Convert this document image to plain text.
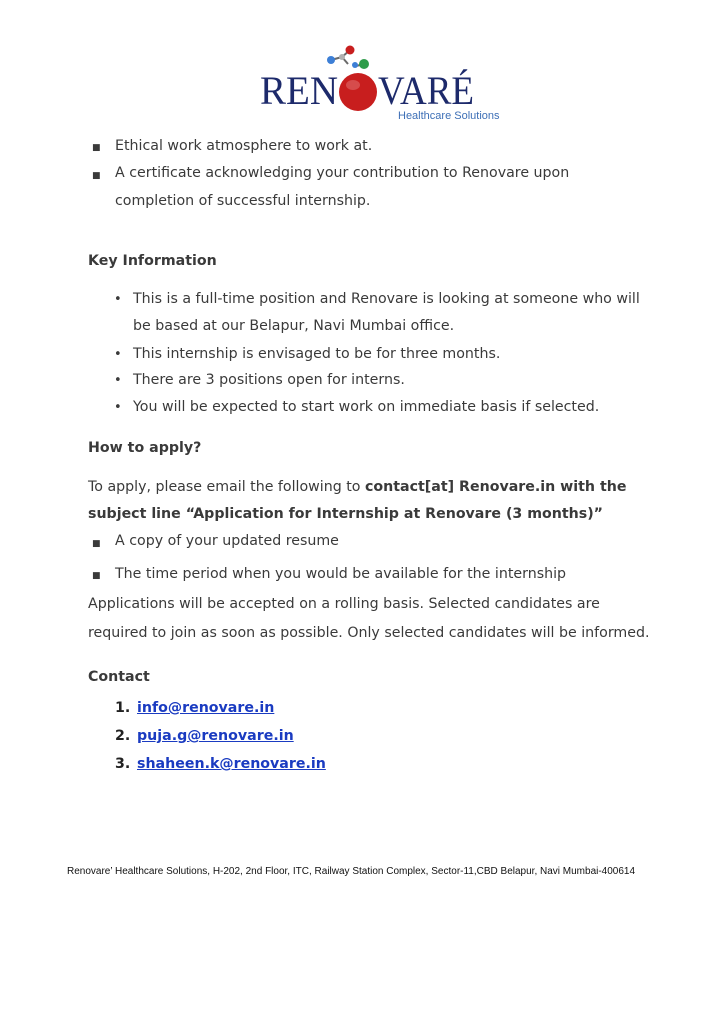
REN VARÉ
Healthcare Solutions
■ Ethical work atmosphere to work at.
■ A certificate acknowledging your contribution to Renovare upon
completion of successful internship.
Key Information
• This is a full-time position and Renovare is looking at someone who will
be based at our Belapur, Navi Mumbai office.
• This internship is envisaged to be for three months.
• There are 3 positions open for interns.
• You will be expected to start work on immediate basis if selected.
How to apply?
To apply, please email the following to contact[at] Renovare.in with the
subject line “Application for Internship at Renovare (3 months)”
■ A copy of your updated resume
■ The time period when you would be available for the internship
Applications will be accepted on a rolling basis. Selected candidates are
required to join as soon as possible. Only selected candidates will be informed.
Contact
1. info@renovare.in
2. puja.g@renovare.in
3. shaheen.k@renovare.in
Renovare’ Healthcare Solutions, H-202, 2nd Floor, ITC, Railway Station Complex, Sector-11,CBD Belapur, Navi Mumbai-400614
